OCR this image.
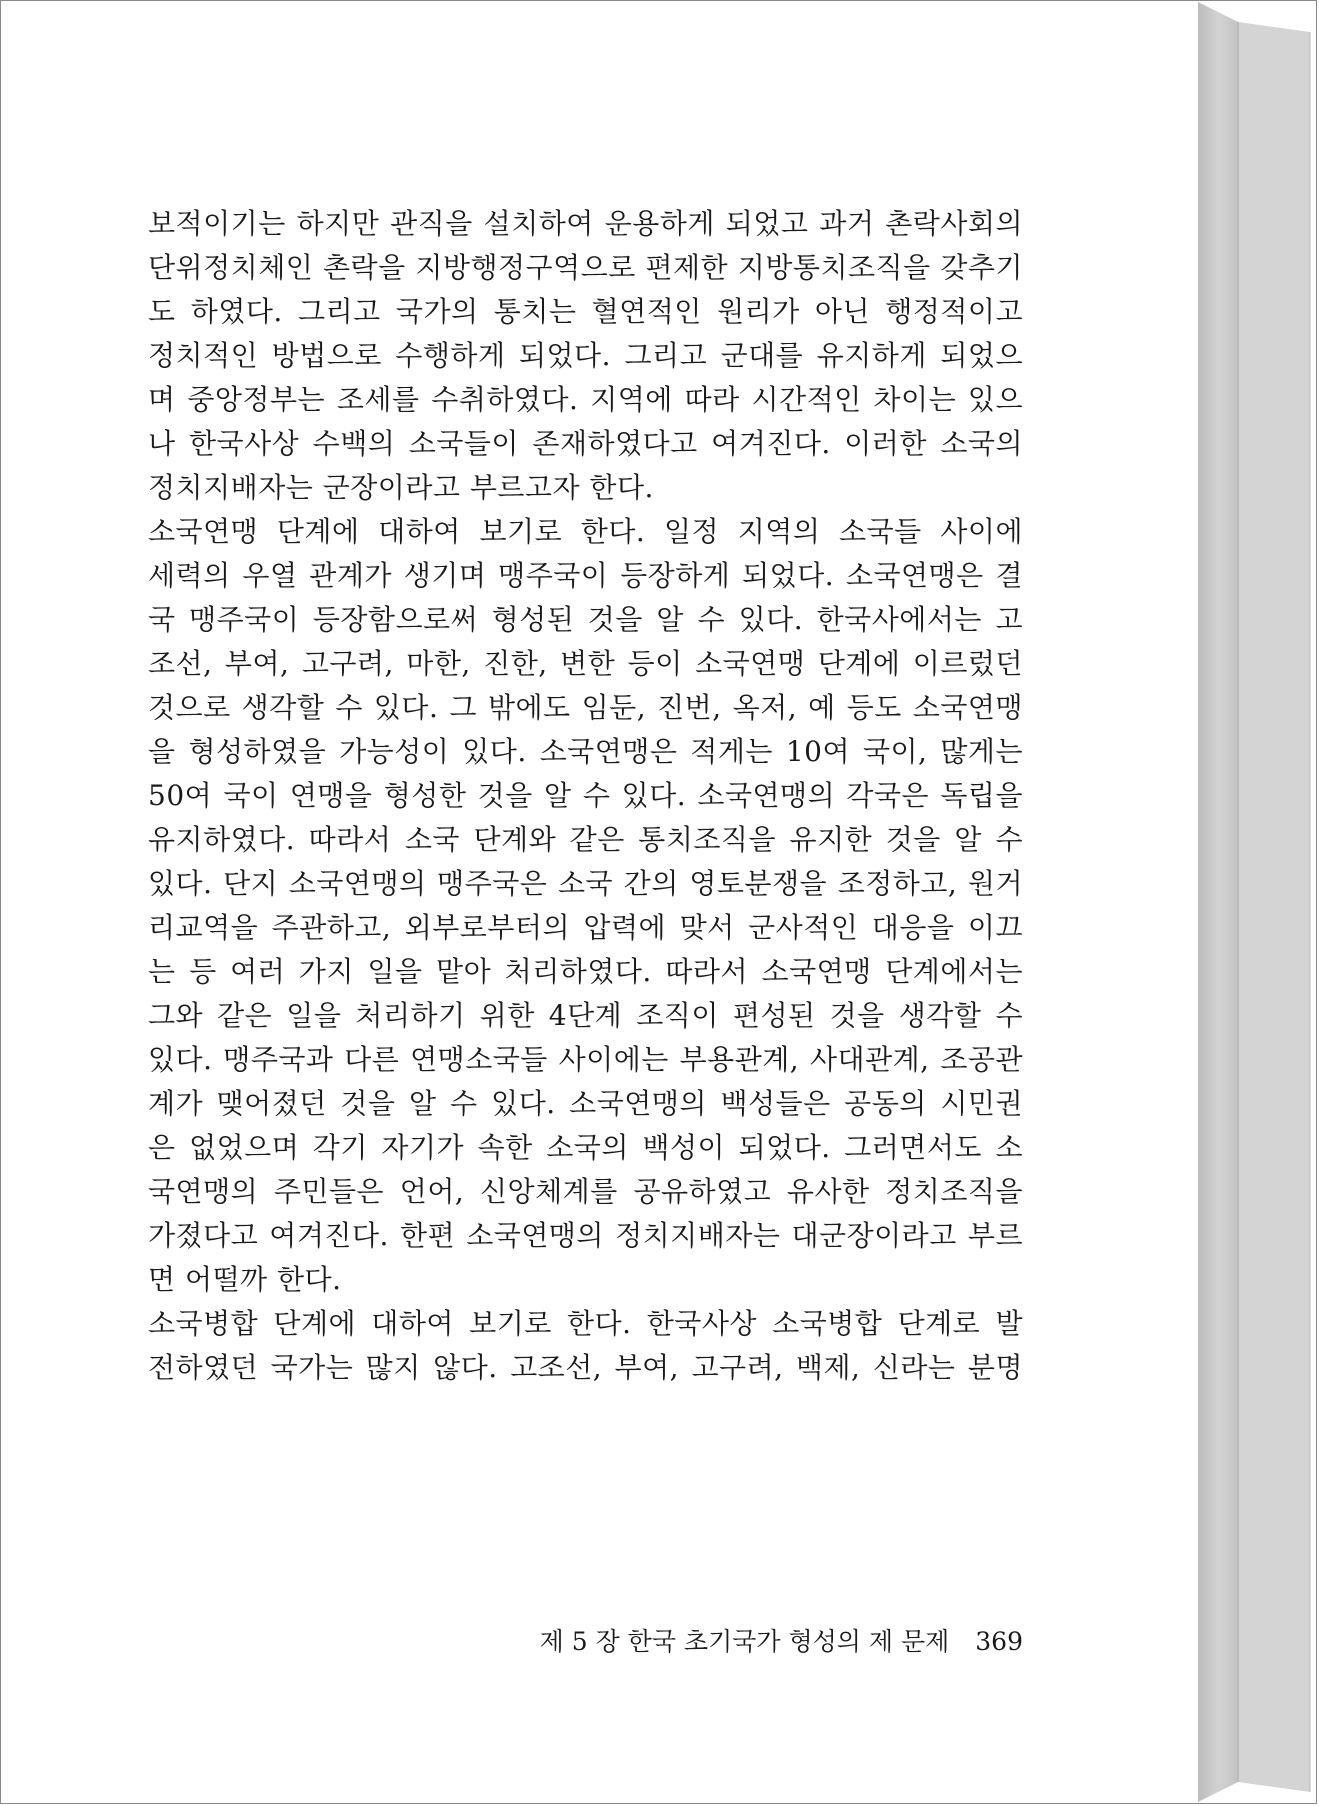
보적이기는 하지만 관직을 설치하여 운용하게 되었고 과거 촌락사회의
단위정치체인 촌락을 지방행정구역으로 편제한 지방통치조직을 갖추기
도 하였다. 그리고 국가의 통치는 혈연적인 원리가 아닌 행정적이고
정치적인 방법으로 수행하게 되었다. 그리고 군대를 유지하게 되었으
며 중앙정부는 조세를 수취하였다. 지역에 따라 시간적인 차이는 있으
나 한국사상 수백의 소국들이 존재하였다고 여겨진다. 이러한 소국의
정치지배자는 군장이라고 부르고자 한다.
소국연맹 단계에 대하여 보기로 한다. 일정 지역의 소국들 사이에
세력의 우열 관계가 생기며 맹주국이 등장하게 되었다. 소국연맹은 결
국 맹주국이 등장함으로써 형성된 것을 알 수 있다. 한국사에서는 고
조선, 부여, 고구려, 마한, 진한, 변한 등이 소국연맹 단계에 이르렀던
것으로 생각할 수 있다. 그 밖에도 임둔, 진번, 옥저, 예 등도 소국연맹
을 형성하였을 가능성이 있다. 소국연맹은 적게는 10여 국이, 많게는
50여 국이 연맹을 형성한 것을 알 수 있다. 소국연맹의 각국은 독립을
유지하였다. 따라서 소국 단계와 같은 통치조직을 유지한 것을 알 수
있다. 단지 소국연맹의 맹주국은 소국 간의 영토분쟁을 조정하고, 원거
리교역을 주관하고, 외부로부터의 압력에 맞서 군사적인 대응을 이끄
는 등 여러 가지 일을 맡아 처리하였다. 따라서 소국연맹 단계에서는
그와 같은 일을 처리하기 위한 4단계 조직이 편성된 것을 생각할 수
있다. 맹주국과 다른 연맹소국들 사이에는 부용관계, 사대관계, 조공관
계가 맺어졌던 것을 알 수 있다. 소국연맹의 백성들은 공동의 시민권
은 없었으며 각기 자기가 속한 소국의 백성이 되었다. 그러면서도 소
국연맹의 주민들은 언어, 신앙체계를 공유하였고 유사한 정치조직을
가졌다고 여겨진다. 한편 소국연맹의 정치지배자는 대군장이라고 부르
면 어떨까 한다.
소국병합 단계에 대하여 보기로 한다. 한국사상 소국병합 단계로 발
전하였던 국가는 많지 않다. 고조선, 부여, 고구려, 백제, 신라는 분명
제 5 장 한국 초기국가 형성의 제 문제 369
